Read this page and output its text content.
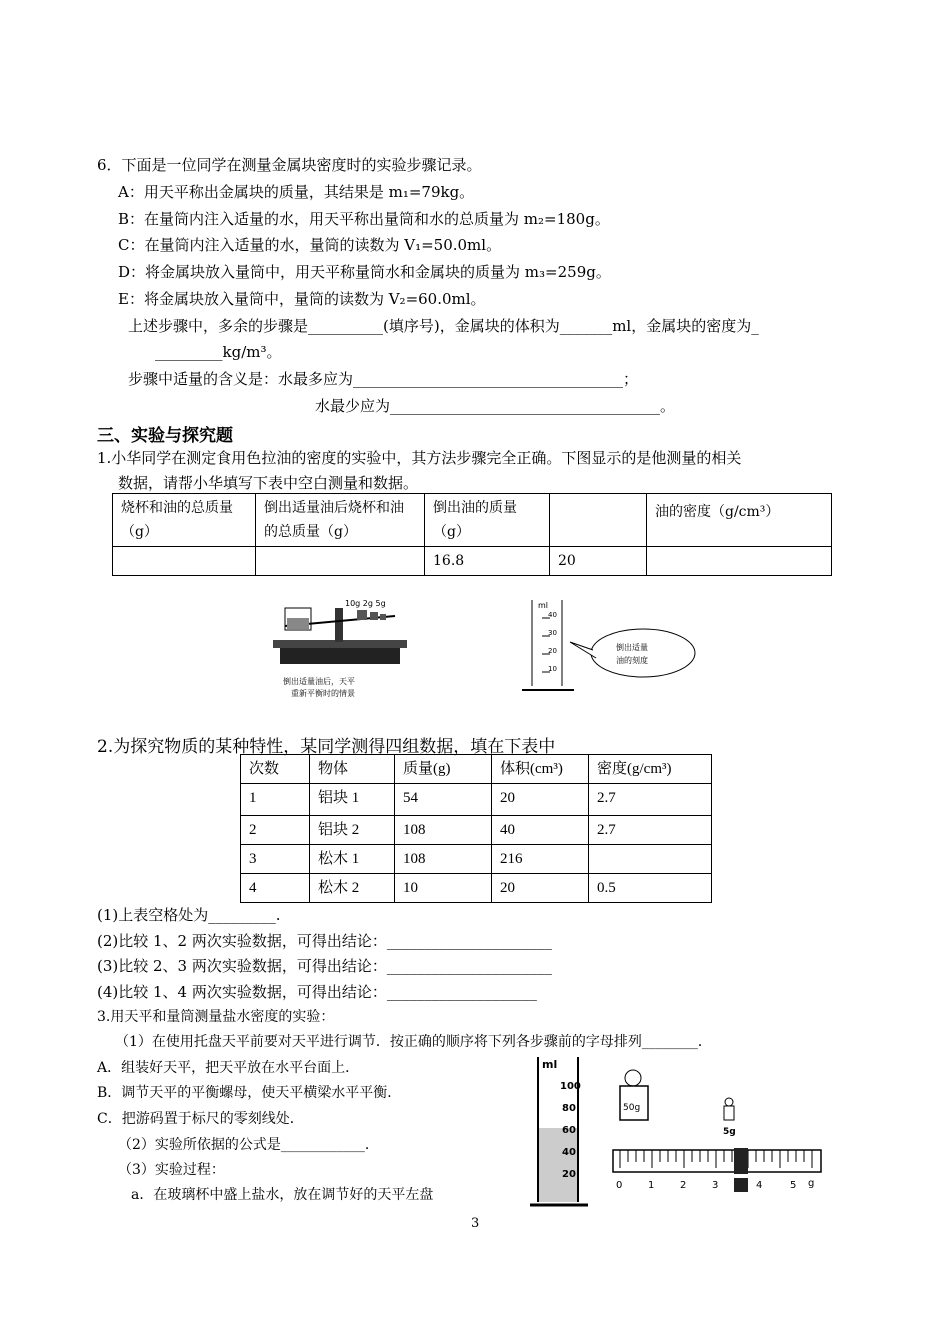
6．下面是一位同学在测量金属块密度时的实验步骤记录。
A：用天平称出金属块的质量，其结果是 m₁=79kg。
B：在量筒内注入适量的水，用天平称出量筒和水的总质量为 m₂=180g。
C：在量筒内注入适量的水，量筒的读数为 V₁=50.0ml。
D：将金属块放入量筒中，用天平称量筒水和金属块的质量为 m₃=259g。
E：将金属块放入量筒中，量筒的读数为 V₂=60.0ml。
上述步骤中，多余的步骤是__________(填序号)，金属块的体积为_______ml，金属块的密度为_
_________kg/m³。
步骤中适量的含义是：水最多应为____________________________________；
水最少应为____________________________________。
三、实验与探究题
1.小华同学在测定食用色拉油的密度的实验中，其方法步骤完全正确。下图显示的是他测量的相关
数据，请帮小华填写下表中空白测量和数据。
烧杯和油的总质量（g）	倒出适量油后烧杯和油的总质量（g）	倒出油的质量（g）		油的密度（g/cm³）
		16.8	20	
10g 2g 5g
倒出适量油后，天平
重新平衡时的情景
ml
40
30
20
10
倒出适量
油的刻度
2.为探究物质的某种特性，某同学测得四组数据，填在下表中
次数	物体	质量(g)	体积(cm³)	密度(g/cm³)
1	铝块 1	54	20	2.7
2	铝块 2	108	40	2.7
3	松木 1	108	216	
4	松木 2	10	20	0.5
(1)上表空格处为_________.
(2)比较 1、2 两次实验数据，可得出结论：______________________
(3)比较 2、3 两次实验数据，可得出结论：______________________
(4)比较 1、4 两次实验数据，可得出结论：____________________
3.用天平和量筒测量盐水密度的实验：
（1）在使用托盘天平前要对天平进行调节．按正确的顺序将下列各步骤前的字母排列________．
A．组装好天平，把天平放在水平台面上．
B．调节天平的平衡螺母，使天平横梁水平平衡．
C．把游码置于标尺的零刻线处．
（2）实验所依据的公式是____________．
（3）实验过程：
a．在玻璃杯中盛上盐水，放在调节好的天平左盘
ml
100
80
60
40
20
50g
5g
0	1	2	3	4	5 g
3
